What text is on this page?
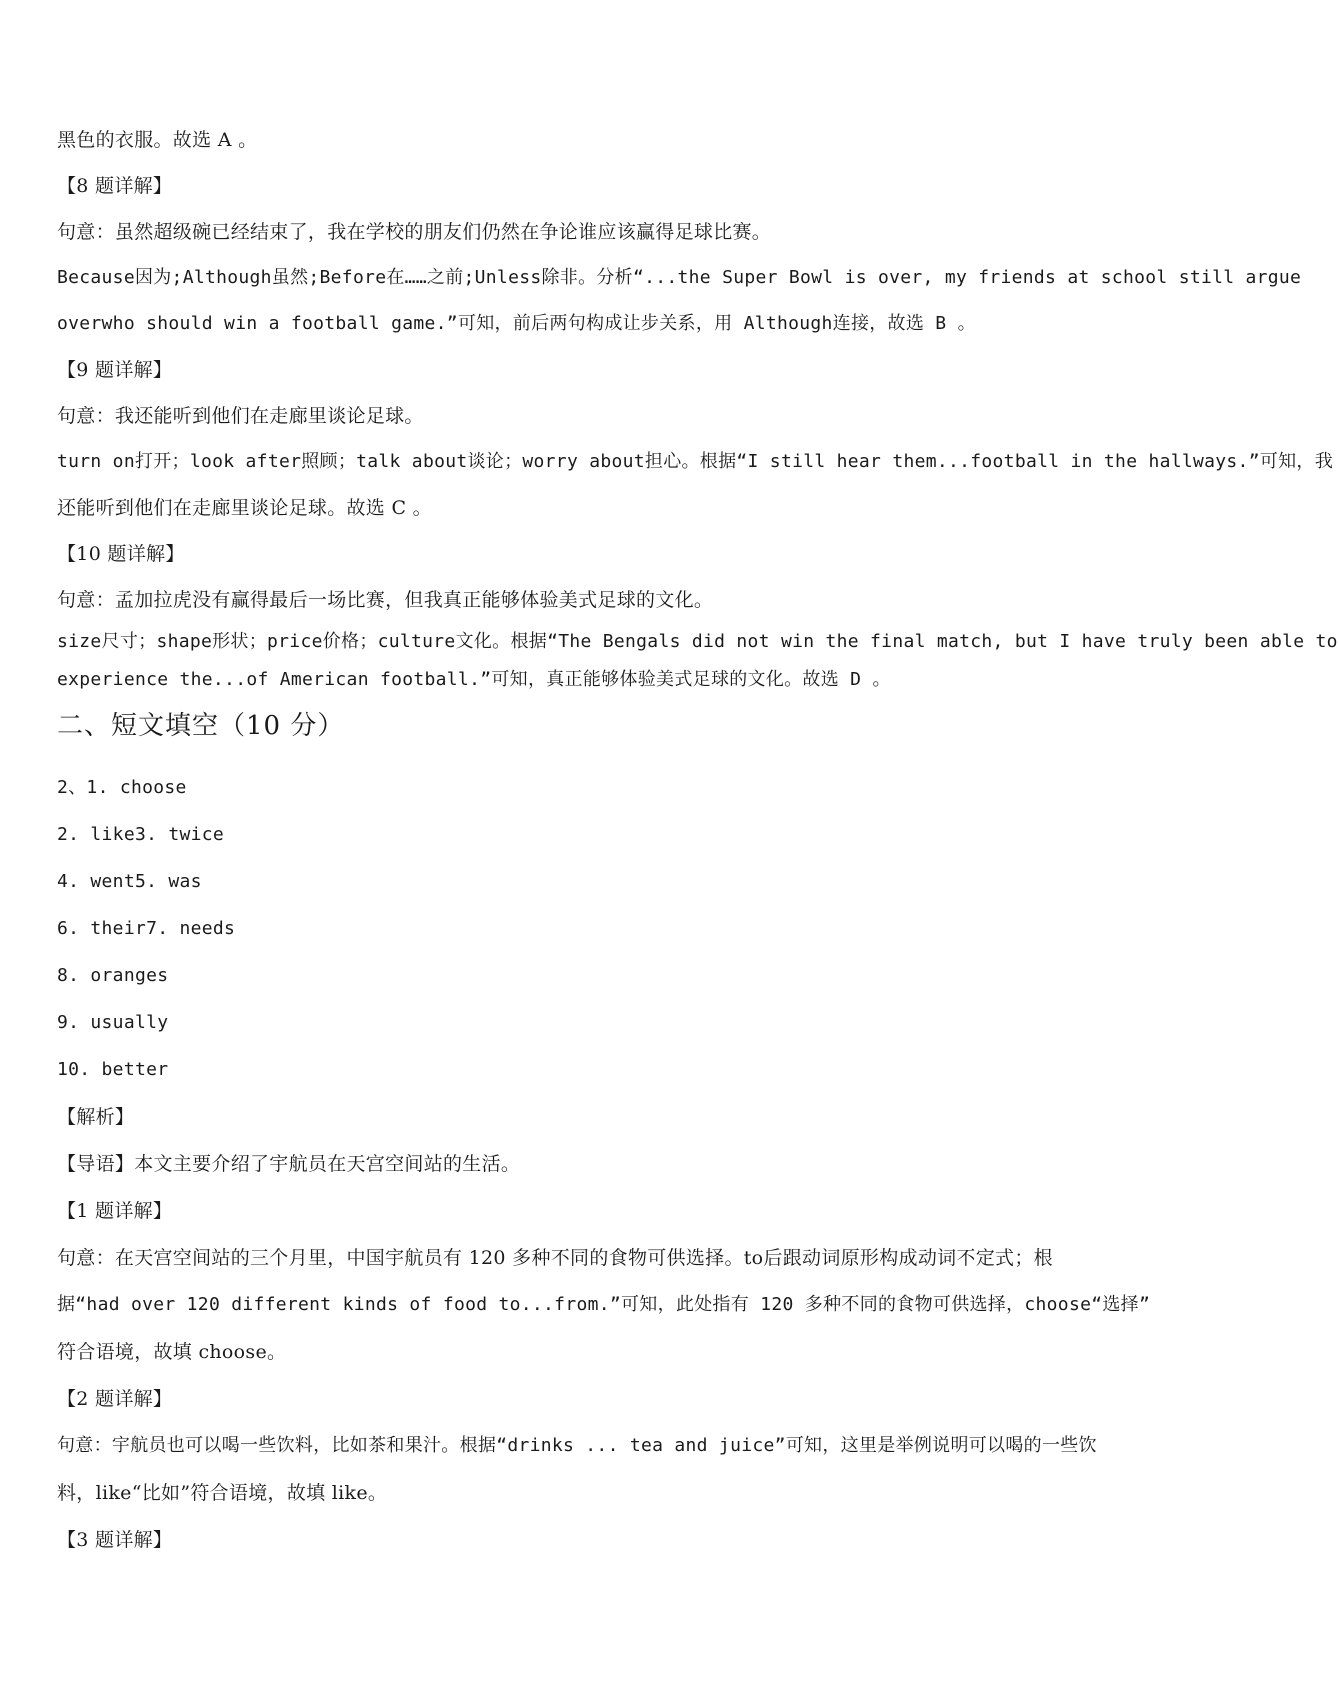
黑色的衣服。故选 A 。
【8 题详解】
句意：虽然超级碗已经结束了，我在学校的朋友们仍然在争论谁应该赢得足球比赛。
Because因为;Although虽然;Before在……之前;Unless除非。分析“...the Super Bowl is over, my friends at school still argue
overwho should win a football game.”可知，前后两句构成让步关系，用 Although连接，故选 B 。
【9 题详解】
句意：我还能听到他们在走廊里谈论足球。
turn on打开；look after照顾；talk about谈论；worry about担心。根据“I still hear them...football in the hallways.”可知，我
还能听到他们在走廊里谈论足球。故选 C 。
【10 题详解】
句意：孟加拉虎没有赢得最后一场比赛，但我真正能够体验美式足球的文化。
size尺寸；shape形状；price价格；culture文化。根据“The Bengals did not win the final match, but I have truly been able to
experience the...of American football.”可知，真正能够体验美式足球的文化。故选 D 。
二、短文填空（10 分）
2、1. choose
2. like3. twice
4. went5. was
6. their7. needs
8. oranges
9. usually
10. better
【解析】
【导语】本文主要介绍了宇航员在天宫空间站的生活。
【1 题详解】
句意：在天宫空间站的三个月里，中国宇航员有 120 多种不同的食物可供选择。to后跟动词原形构成动词不定式；根
据“had over 120 different kinds of food to...from.”可知，此处指有 120 多种不同的食物可供选择，choose“选择”
符合语境，故填 choose。
【2 题详解】
句意：宇航员也可以喝一些饮料，比如茶和果汁。根据“drinks ... tea and juice”可知，这里是举例说明可以喝的一些饮
料，like“比如”符合语境，故填 like。
【3 题详解】
